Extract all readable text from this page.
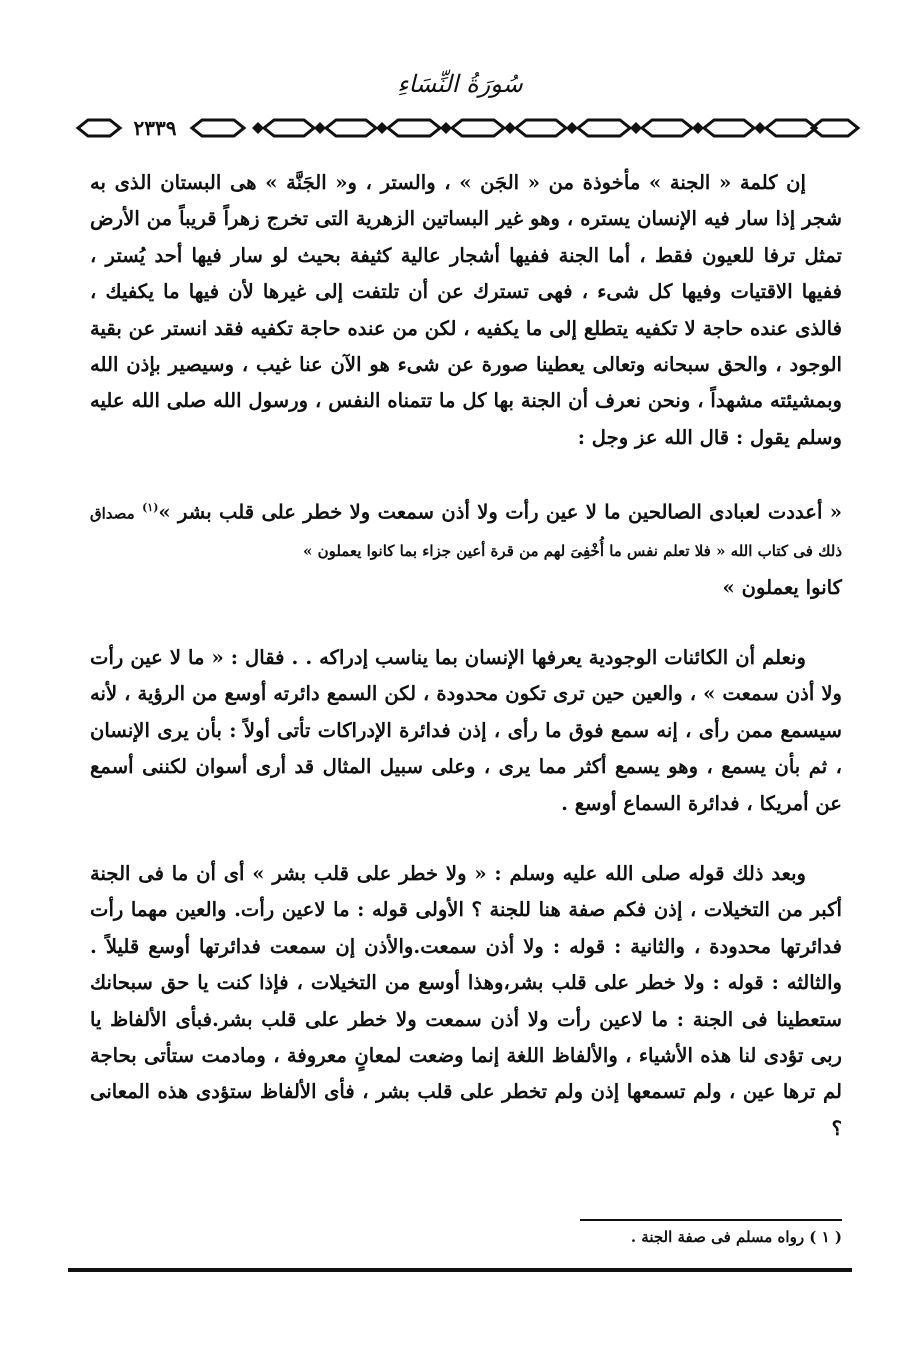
سُورَةُ النِّسَاءِ
٢٣٣٩

إن كلمة « الجنة » مأخوذة من « الجَن » ، والستر ، و« الجَنَّة » هى البستان الذى به شجر إذا سار فيه الإنسان يستره ، وهو غير البساتين الزهرية التى تخرج زهراً قريباً من الأرض تمثل ترفا للعيون فقط ، أما الجنة ففيها أشجار عالية كثيفة بحيث لو سار فيها أحد يُستر ، ففيها الاقتيات وفيها كل شىء ، فهى تسترك عن أن تلتفت إلى غيرها لأن فيها ما يكفيك ، فالذى عنده حاجة لا تكفيه يتطلع إلى ما يكفيه ، لكن من عنده حاجة تكفيه فقد انستر عن بقية الوجود ، والحق سبحانه وتعالى يعطينا صورة عن شىء هو الآن عنا غيب ، وسيصير بإذن الله وبمشيئته مشهداً ، ونحن نعرف أن الجنة بها كل ما تتمناه النفس ، ورسول الله صلى الله عليه وسلم يقول : قال الله عز وجل :

« أعددت لعبادى الصالحين ما لا عين رأت ولا أذن سمعت ولا خطر على قلب بشر »$^{(١)}$ مصداق ذلك فى كتاب الله « فلا تعلم نفس ما أُخْفِىَ لهم من قرة أعين جزاء بما كانوا يعملون »
كانوا يعملون »

ونعلم أن الكائنات الوجودية يعرفها الإنسان بما يناسب إدراكه . . فقال : « ما لا عين رأت ولا أذن سمعت » ، والعين حين ترى تكون محدودة ، لكن السمع دائرته أوسع من الرؤية ، لأنه سيسمع ممن رأى ، إنه سمع فوق ما رأى ، إذن فدائرة الإدراكات تأتى أولاً : بأن يرى الإنسان ، ثم بأن يسمع ، وهو يسمع أكثر مما يرى ، وعلى سبيل المثال قد أرى أسوان لكننى أسمع عن أمريكا ، فدائرة السماع أوسع .

وبعد ذلك قوله صلى الله عليه وسلم : « ولا خطر على قلب بشر » أى أن ما فى الجنة أكبر من التخيلات ، إذن فكم صفة هنا للجنة ؟ الأولى قوله : ما لاعين رأت. والعين مهما رأت فدائرتها محدودة ، والثانية : قوله : ولا أذن سمعت.والأذن إن سمعت فدائرتها أوسع قليلاً . والثالثه : قوله : ولا خطر على قلب بشر،وهذا أوسع من التخيلات ، فإذا كنت يا حق سبحانك ستعطينا فى الجنة : ما لاعين رأت ولا أذن سمعت ولا خطر على قلب بشر.فبأى الألفاظ يا ربى تؤدى لنا هذه الأشياء ، والألفاظ اللغة إنما وضعت لمعانٍ معروفة ، ومادمت ستأتى بحاجة لم ترها عين ، ولم تسمعها إذن ولم تخطر على قلب بشر ، فأى الألفاظ ستؤدى هذه المعانى ؟

( ١ ) رواه مسلم فى صفة الجنة .
